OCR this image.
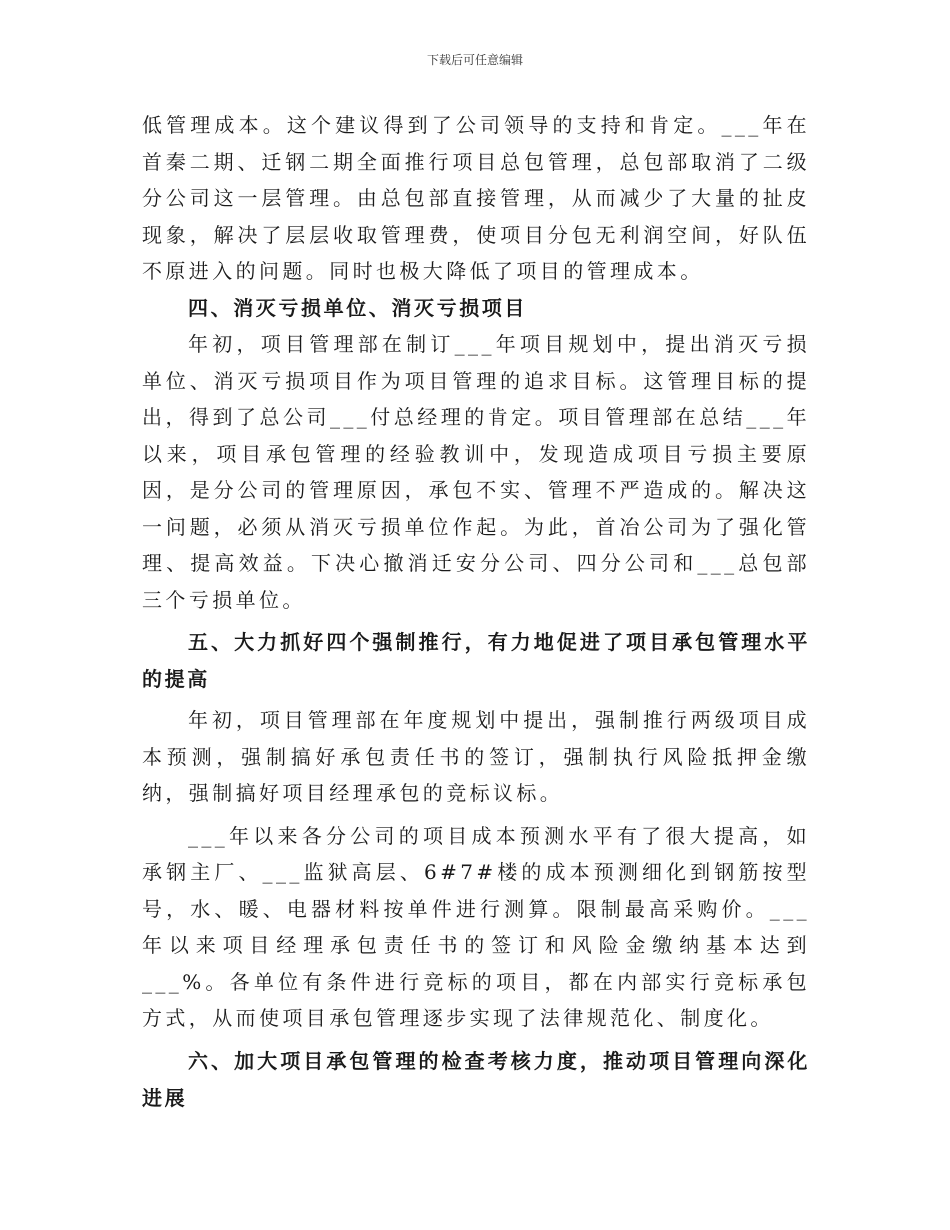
下载后可任意编辑

低管理成本。这个建议得到了公司领导的支持和肯定。___年在首秦二期、迁钢二期全面推行项目总包管理，总包部取消了二级分公司这一层管理。由总包部直接管理，从而减少了大量的扯皮现象，解决了层层收取管理费，使项目分包无利润空间，好队伍不原进入的问题。同时也极大降低了项目的管理成本。

四、消灭亏损单位、消灭亏损项目

年初，项目管理部在制订___年项目规划中，提出消灭亏损单位、消灭亏损项目作为项目管理的追求目标。这管理目标的提出，得到了总公司___付总经理的肯定。项目管理部在总结___年以来，项目承包管理的经验教训中，发现造成项目亏损主要原因，是分公司的管理原因，承包不实、管理不严造成的。解决这一问题，必须从消灭亏损单位作起。为此，首冶公司为了强化管理、提高效益。下决心撤消迁安分公司、四分公司和___总包部三个亏损单位。

五、大力抓好四个强制推行，有力地促进了项目承包管理水平的提高

年初，项目管理部在年度规划中提出，强制推行两级项目成本预测，强制搞好承包责任书的签订，强制执行风险抵押金缴纳，强制搞好项目经理承包的竞标议标。

___年以来各分公司的项目成本预测水平有了很大提高，如承钢主厂、___监狱高层、6#7#楼的成本预测细化到钢筋按型号，水、暖、电器材料按单件进行测算。限制最高采购价。___年以来项目经理承包责任书的签订和风险金缴纳基本达到___%。各单位有条件进行竞标的项目，都在内部实行竞标承包方式，从而使项目承包管理逐步实现了法律规范化、制度化。

六、加大项目承包管理的检查考核力度，推动项目管理向深化进展
